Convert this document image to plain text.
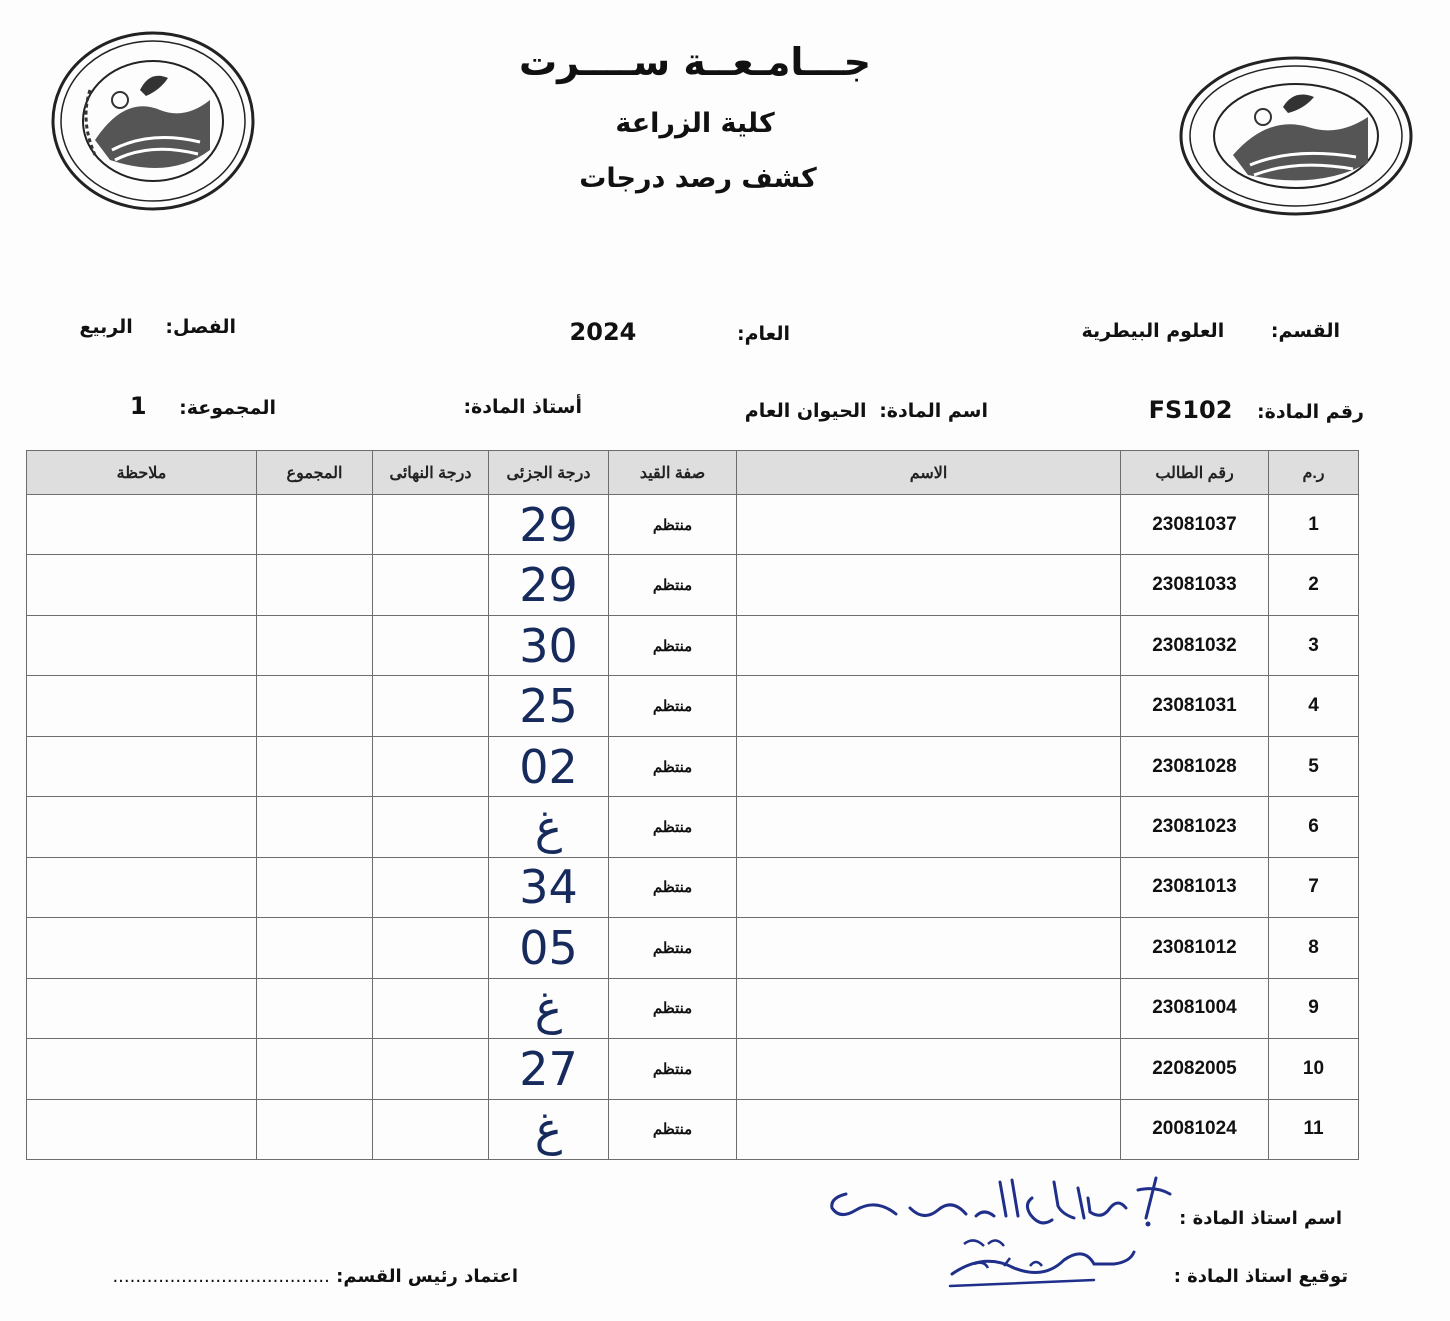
جـــامـعــة ســــرت
كلية الزراعة
كشف رصد درجات
القسم: العلوم البيطرية
العام: 2024
الفصل: الربيع
رقم المادة: FS102
اسم المادة: الحيوان العام
أستاذ المادة:
المجموعة: 1
ر.م	رقم الطالب	الاسم	صفة القيد	درجة الجزئى	درجة النهائى	المجموع	ملاحظة
1	23081037		منتظم	29			
2	23081033		منتظم	29			
3	23081032		منتظم	30			
4	23081031		منتظم	25			
5	23081028		منتظم	02			
6	23081023		منتظم	غ			
7	23081013		منتظم	34			
8	23081012		منتظم	05			
9	23081004		منتظم	غ			
10	22082005		منتظم	27			
11	20081024		منتظم	غ			
اسم استاذ المادة :
توقيع استاذ المادة :
اعتماد رئيس القسم: ......................................
